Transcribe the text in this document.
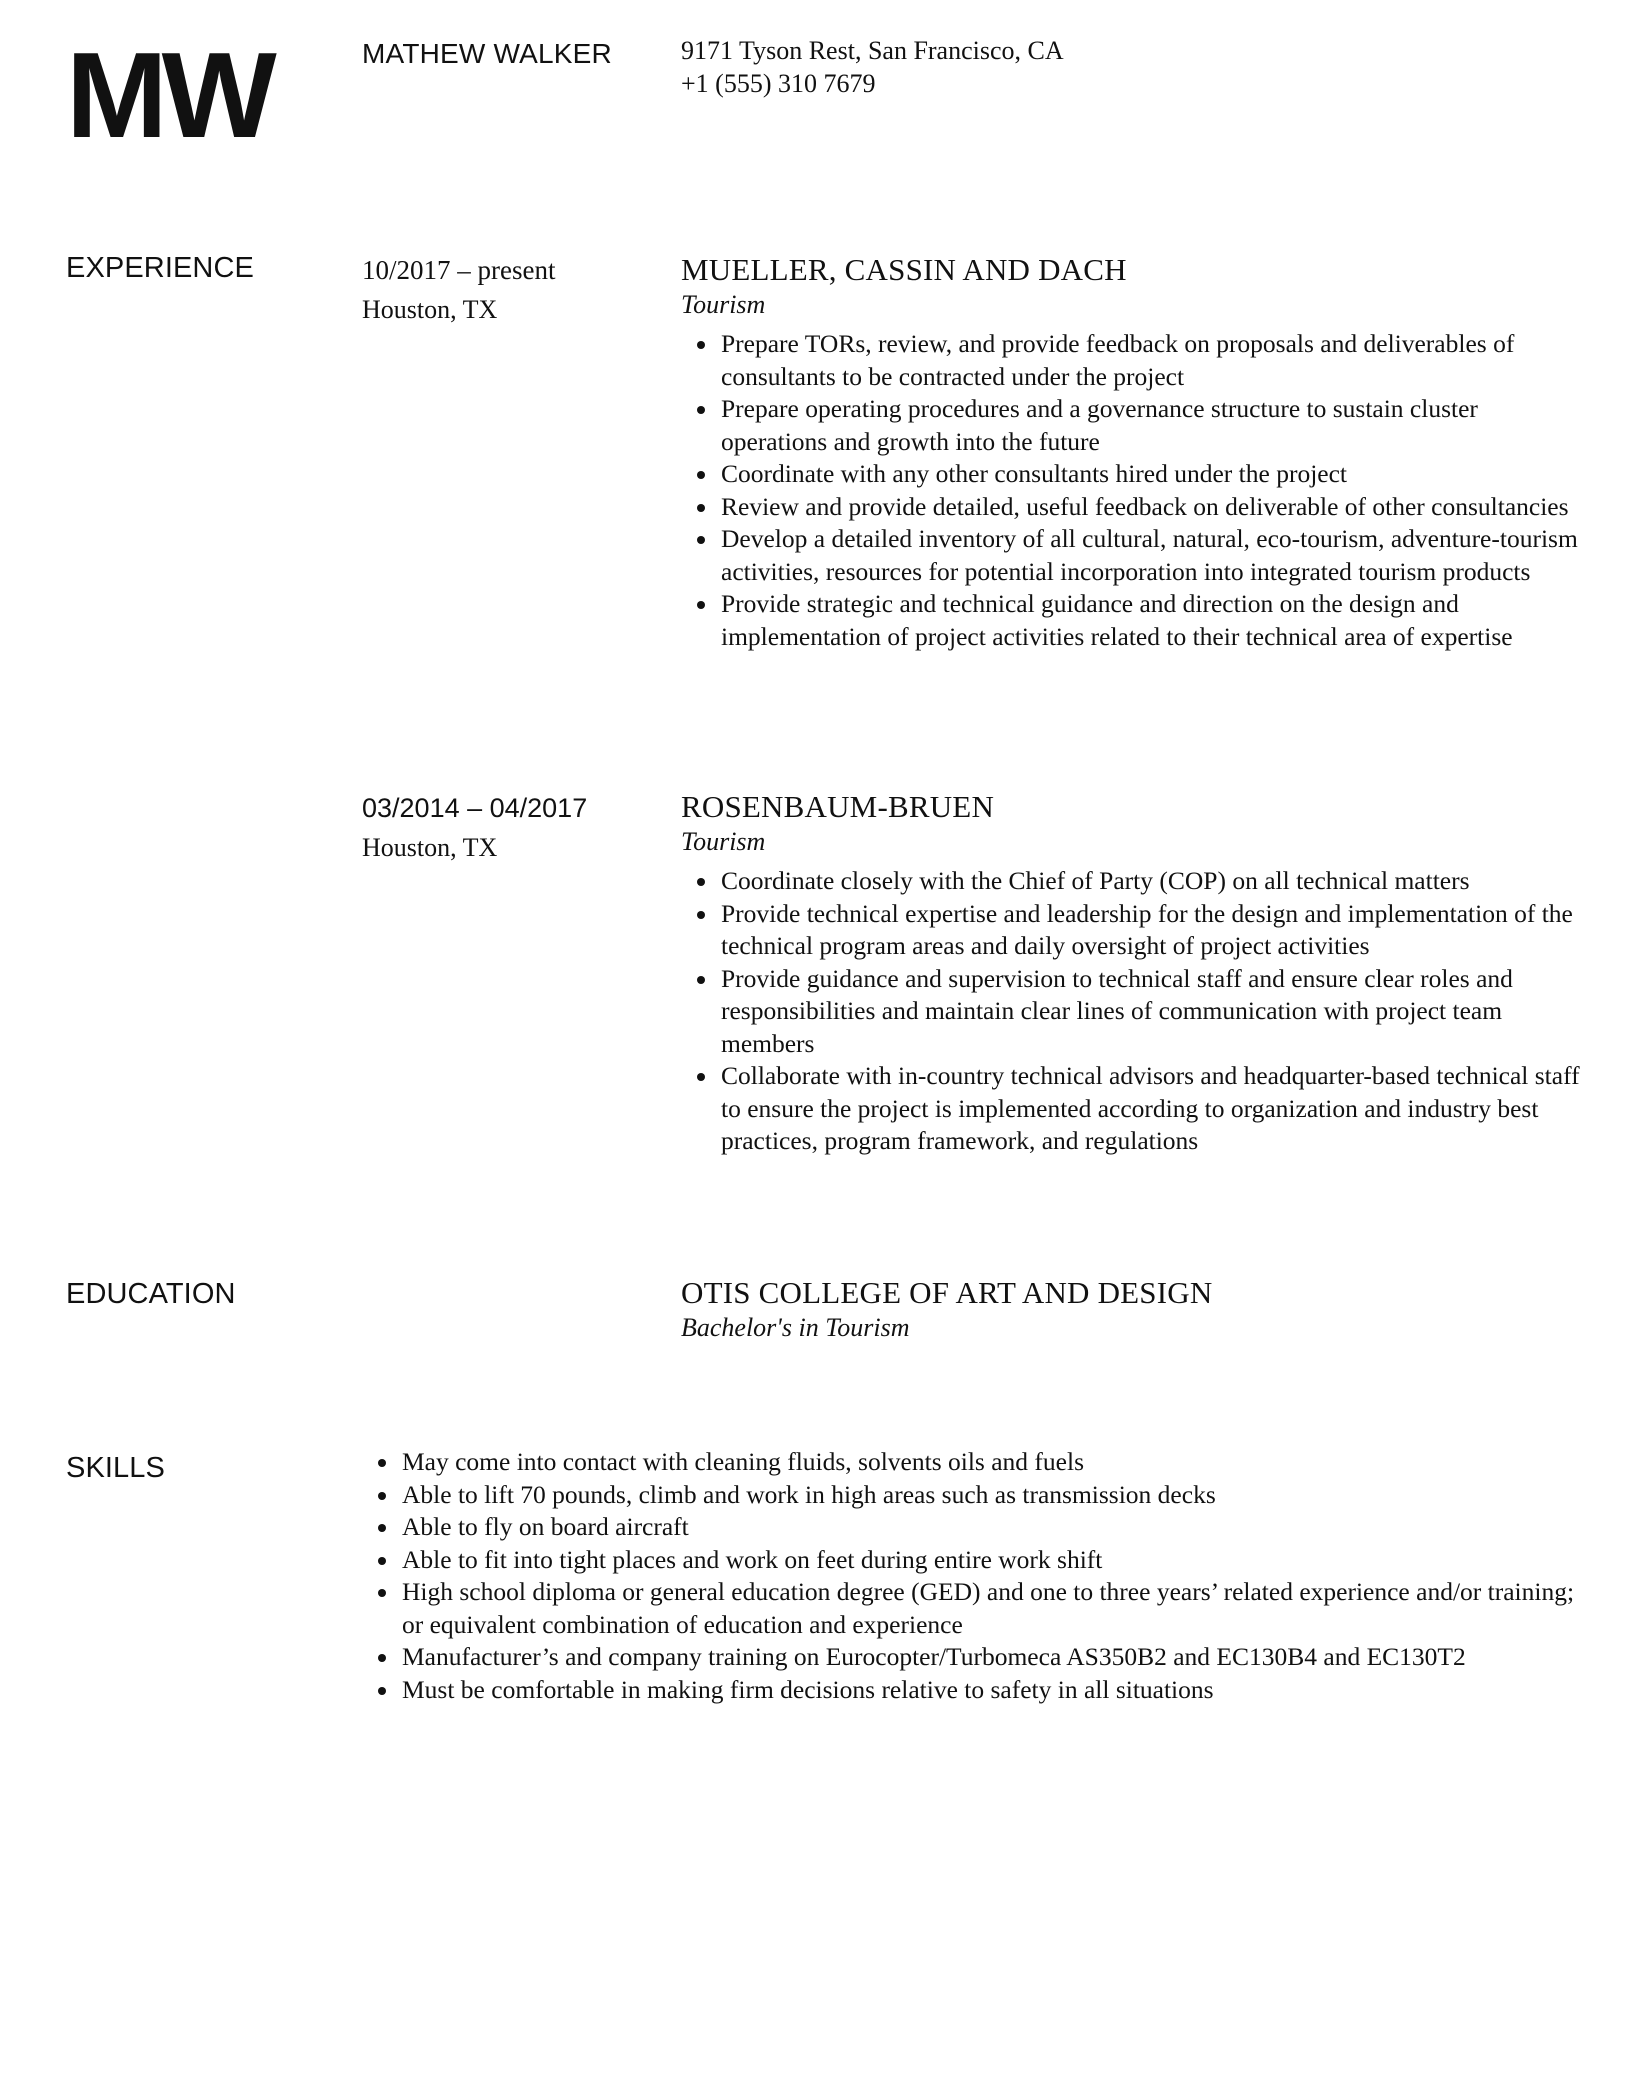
MW	MATHEW WALKER	9171 Tyson Rest, San Francisco, CA
+1 (555) 310 7679
EXPERIENCE	10/2017 – present
Houston, TX
MUELLER, CASSIN AND DACH
Tourism
Prepare TORs, review, and provide feedback on proposals and deliverables of consultants to be contracted under the project
Prepare operating procedures and a governance structure to sustain cluster operations and growth into the future
Coordinate with any other consultants hired under the project
Review and provide detailed, useful feedback on deliverable of other consultancies
Develop a detailed inventory of all cultural, natural, eco-tourism, adventure-tourism activities, resources for potential incorporation into integrated tourism products
Provide strategic and technical guidance and direction on the design and implementation of project activities related to their technical area of expertise
03/2014 – 04/2017
Houston, TX
ROSENBAUM-BRUEN
Tourism
Coordinate closely with the Chief of Party (COP) on all technical matters
Provide technical expertise and leadership for the design and implementation of the technical program areas and daily oversight of project activities
Provide guidance and supervision to technical staff and ensure clear roles and responsibilities and maintain clear lines of communication with project team members
Collaborate with in-country technical advisors and headquarter-based technical staff to ensure the project is implemented according to organization and industry best practices, program framework, and regulations
EDUCATION	OTIS COLLEGE OF ART AND DESIGN
Bachelor's in Tourism
SKILLS	May come into contact with cleaning fluids, solvents oils and fuels
Able to lift 70 pounds, climb and work in high areas such as transmission decks
Able to fly on board aircraft
Able to fit into tight places and work on feet during entire work shift
High school diploma or general education degree (GED) and one to three years’ related experience and/or training; or equivalent combination of education and experience
Manufacturer’s and company training on Eurocopter/Turbomeca AS350B2 and EC130B4 and EC130T2
Must be comfortable in making firm decisions relative to safety in all situations
